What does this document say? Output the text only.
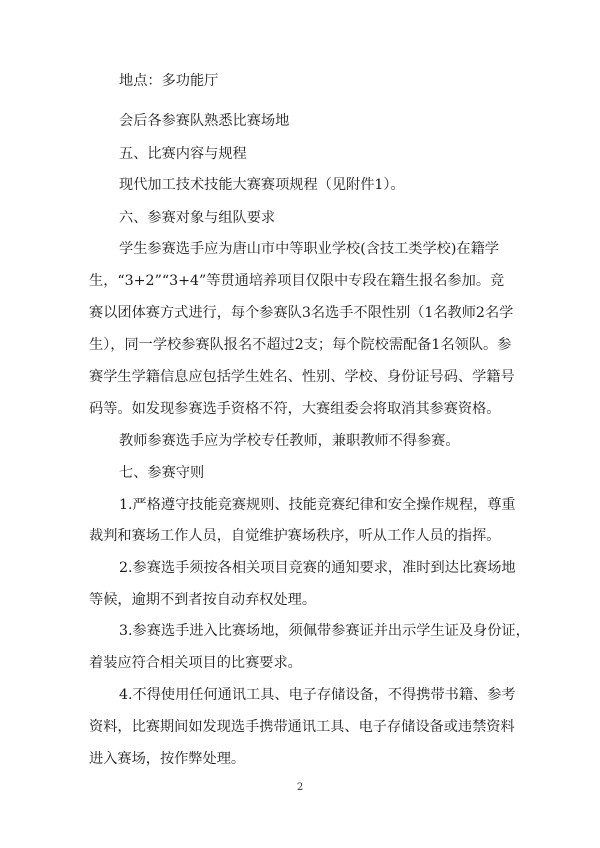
地点：多功能厅
会后各参赛队熟悉比赛场地
五、比赛内容与规程
现代加工技术技能大赛赛项规程（见附件1）。
六、参赛对象与组队要求
学生参赛选手应为唐山市中等职业学校(含技工类学校)在籍学
生，“3+2”“3+4”等贯通培养项目仅限中专段在籍生报名参加。竞
赛以团体赛方式进行，每个参赛队3名选手不限性别（1名教师2名学
生），同一学校参赛队报名不超过2支；每个院校需配备1名领队。参
赛学生学籍信息应包括学生姓名、性别、学校、身份证号码、学籍号
码等。如发现参赛选手资格不符，大赛组委会将取消其参赛资格。
教师参赛选手应为学校专任教师，兼职教师不得参赛。
七、参赛守则
1.严格遵守技能竞赛规则、技能竞赛纪律和安全操作规程，尊重
裁判和赛场工作人员，自觉维护赛场秩序，听从工作人员的指挥。
2.参赛选手须按各相关项目竞赛的通知要求，准时到达比赛场地
等候，逾期不到者按自动弃权处理。
3.参赛选手进入比赛场地，须佩带参赛证并出示学生证及身份证，
着装应符合相关项目的比赛要求。
4.不得使用任何通讯工具、电子存储设备，不得携带书籍、参考
资料，比赛期间如发现选手携带通讯工具、电子存储设备或违禁资料
进入赛场，按作弊处理。
2
